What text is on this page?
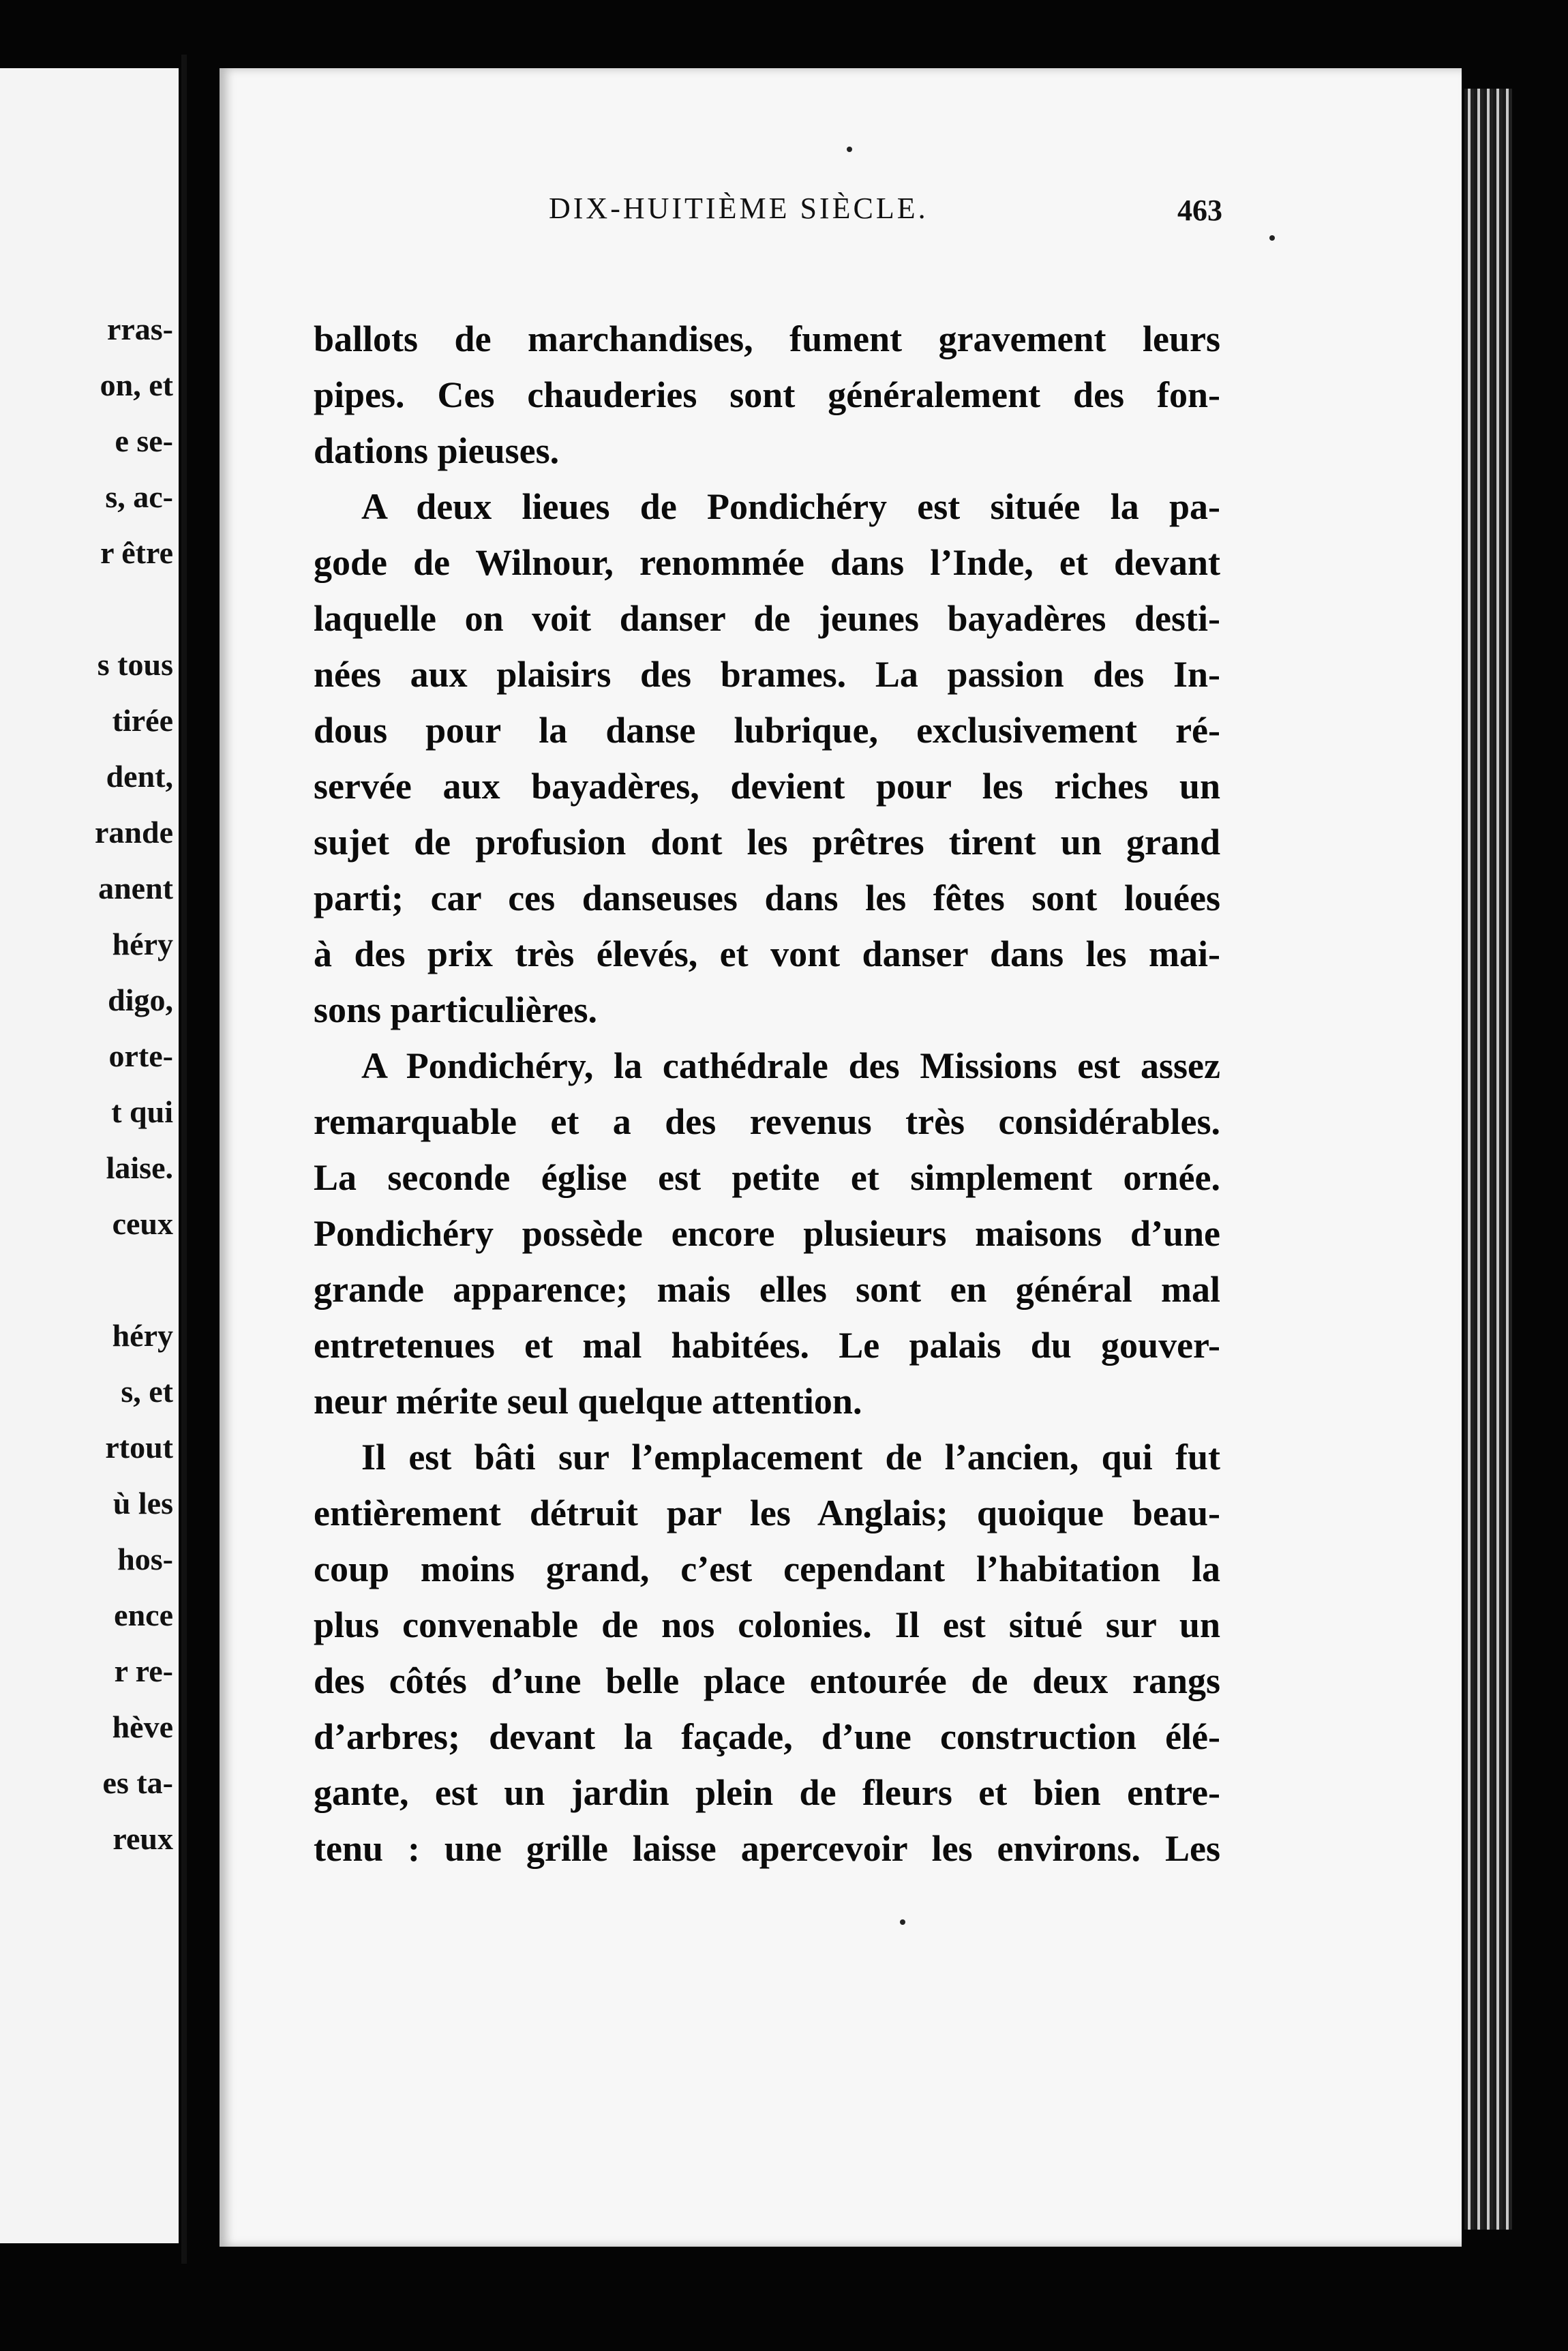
rras-
on, et
e se-
s, ac-
r être
s tous
tirée
dent,
rande
anent
héry
digo,
orte-
t qui
laise.
ceux
héry
s, et
rtout
ù les
hos-
ence
r re-
hève
es ta-
reux
DIX-HUITIÈME SIÈCLE.	463
ballots de marchandises, fument gravement leurs
pipes. Ces chauderies sont généralement des fon-
dations pieuses.
A deux lieues de Pondichéry est située la pa-
gode de Wilnour, renommée dans l’Inde, et devant
laquelle on voit danser de jeunes bayadères desti-
nées aux plaisirs des brames. La passion des In-
dous pour la danse lubrique, exclusivement ré-
servée aux bayadères, devient pour les riches un
sujet de profusion dont les prêtres tirent un grand
parti; car ces danseuses dans les fêtes sont louées
à des prix très élevés, et vont danser dans les mai-
sons particulières.
A Pondichéry, la cathédrale des Missions est assez
remarquable et a des revenus très considérables.
La seconde église est petite et simplement ornée.
Pondichéry possède encore plusieurs maisons d’une
grande apparence; mais elles sont en général mal
entretenues et mal habitées. Le palais du gouver-
neur mérite seul quelque attention.
Il est bâti sur l’emplacement de l’ancien, qui fut
entièrement détruit par les Anglais; quoique beau-
coup moins grand, c’est cependant l’habitation la
plus convenable de nos colonies. Il est situé sur un
des côtés d’une belle place entourée de deux rangs
d’arbres; devant la façade, d’une construction élé-
gante, est un jardin plein de fleurs et bien entre-
tenu : une grille laisse apercevoir les environs. Les
